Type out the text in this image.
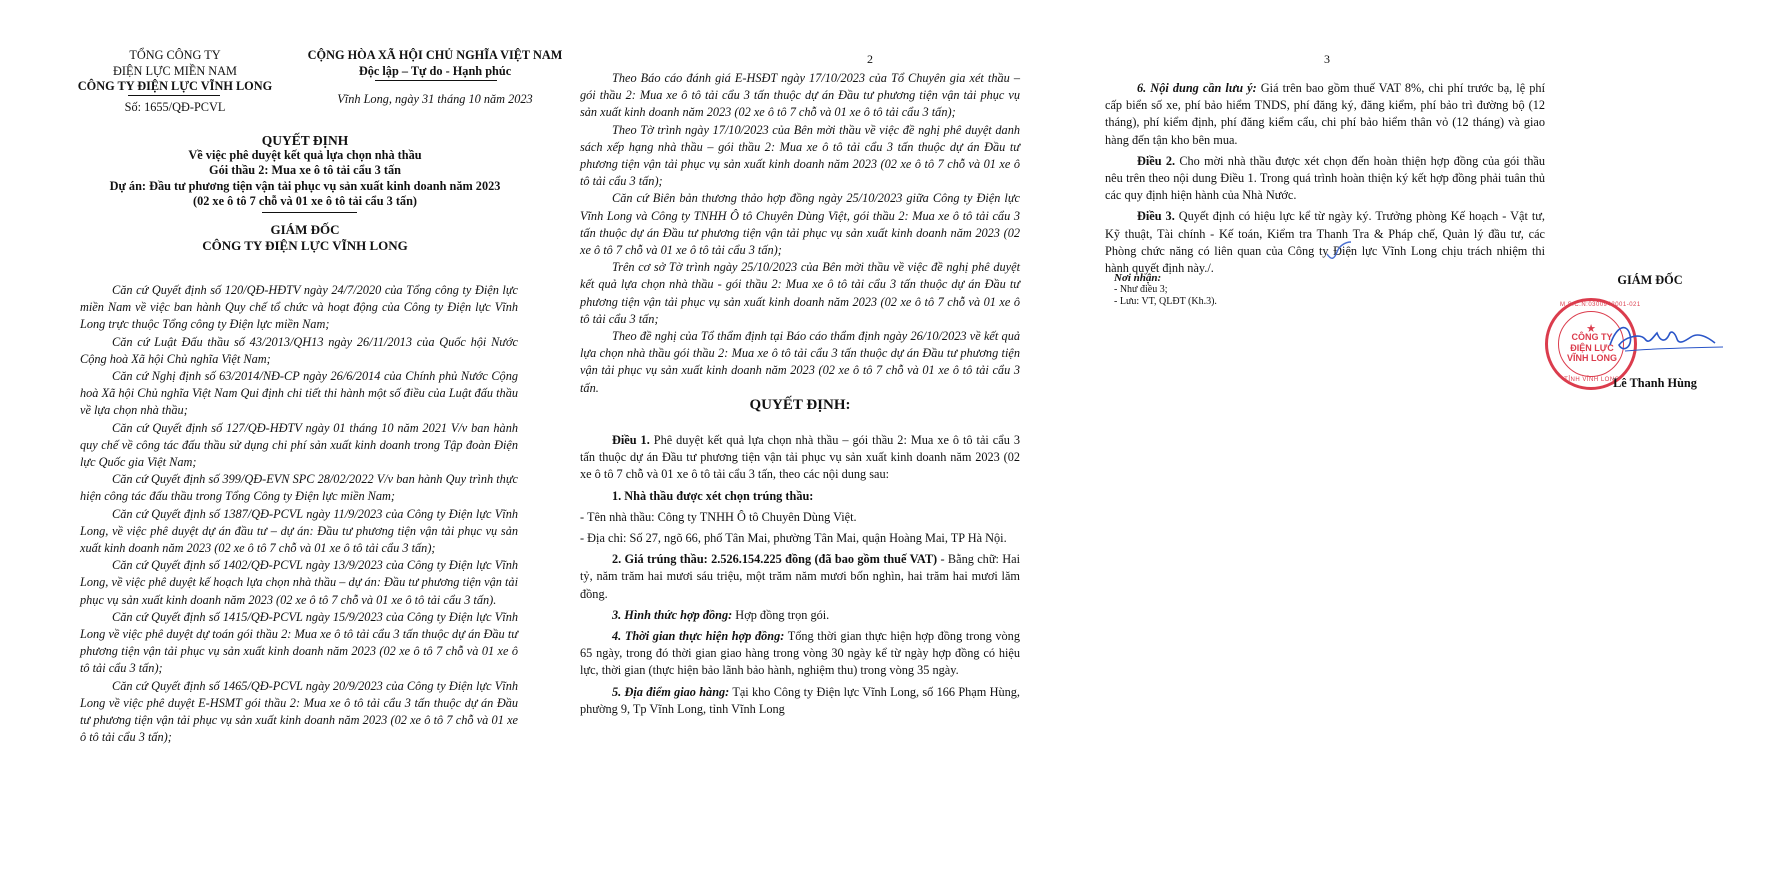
TỔNG CÔNG TY
ĐIỆN LỰC MIỀN NAM
CÔNG TY ĐIỆN LỰC VĨNH LONG
Số: 1655/QĐ-PCVL
CỘNG HÒA XÃ HỘI CHỦ NGHĨA VIỆT NAM
Độc lập – Tự do - Hạnh phúc
Vĩnh Long, ngày 31 tháng 10 năm 2023
QUYẾT ĐỊNH
Về việc phê duyệt kết quả lựa chọn nhà thầu
Gói thầu 2: Mua xe ô tô tải cẩu 3 tấn
Dự án: Đầu tư phương tiện vận tải phục vụ sản xuất kinh doanh năm 2023
(02 xe ô tô 7 chỗ và 01 xe ô tô tải cẩu 3 tấn)
GIÁM ĐỐC
CÔNG TY ĐIỆN LỰC VĨNH LONG

Căn cứ Quyết định số 120/QĐ-HĐTV ngày 24/7/2020 của Tổng công ty Điện lực miền Nam về việc ban hành Quy chế tổ chức và hoạt động của Công ty Điện lực Vĩnh Long trực thuộc Tổng công ty Điện lực miền Nam;

Căn cứ Luật Đấu thầu số 43/2013/QH13 ngày 26/11/2013 của Quốc hội Nước Cộng hoà Xã hội Chủ nghĩa Việt Nam;

Căn cứ Nghị định số 63/2014/NĐ-CP ngày 26/6/2014 của Chính phủ Nước Cộng hoà Xã hội Chủ nghĩa Việt Nam Qui định chi tiết thi hành một số điều của Luật đấu thầu về lựa chọn nhà thầu;

Căn cứ Quyết định số 127/QĐ-HĐTV ngày 01 tháng 10 năm 2021 V/v ban hành quy chế về công tác đấu thầu sử dụng chi phí sản xuất kinh doanh trong Tập đoàn Điện lực Quốc gia Việt Nam;

Căn cứ Quyết định số 399/QĐ-EVN SPC 28/02/2022 V/v ban hành Quy trình thực hiện công tác đấu thầu trong Tổng Công ty Điện lực miền Nam;

Căn cứ Quyết định số 1387/QĐ-PCVL ngày 11/9/2023 của Công ty Điện lực Vĩnh Long, về việc phê duyệt dự án đầu tư – dự án: Đầu tư phương tiện vận tải phục vụ sản xuất kinh doanh năm 2023 (02 xe ô tô 7 chỗ và 01 xe ô tô tải cẩu 3 tấn);

Căn cứ Quyết định số 1402/QĐ-PCVL ngày 13/9/2023 của Công ty Điện lực Vĩnh Long, về việc phê duyệt kế hoạch lựa chọn nhà thầu – dự án: Đầu tư phương tiện vận tải phục vụ sản xuất kinh doanh năm 2023 (02 xe ô tô 7 chỗ và 01 xe ô tô tải cẩu 3 tấn).

Căn cứ Quyết định số 1415/QĐ-PCVL ngày 15/9/2023 của Công ty Điện lực Vĩnh Long về việc phê duyệt dự toán gói thầu 2: Mua xe ô tô tải cẩu 3 tấn thuộc dự án Đầu tư phương tiện vận tải phục vụ sản xuất kinh doanh năm 2023 (02 xe ô tô 7 chỗ và 01 xe ô tô tải cẩu 3 tấn);

Căn cứ Quyết định số 1465/QĐ-PCVL ngày 20/9/2023 của Công ty Điện lực Vĩnh Long về việc phê duyệt E-HSMT gói thầu 2: Mua xe ô tô tải cẩu 3 tấn thuộc dự án Đầu tư phương tiện vận tải phục vụ sản xuất kinh doanh năm 2023 (02 xe ô tô 7 chỗ và 01 xe ô tô tải cẩu 3 tấn);

2

Theo Báo cáo đánh giá E-HSĐT ngày 17/10/2023 của Tổ Chuyên gia xét thầu – gói thầu 2: Mua xe ô tô tải cẩu 3 tấn thuộc dự án Đầu tư phương tiện vận tải phục vụ sản xuất kinh doanh năm 2023 (02 xe ô tô 7 chỗ và 01 xe ô tô tải cẩu 3 tấn);

Theo Tờ trình ngày 17/10/2023 của Bên mời thầu về việc đề nghị phê duyệt danh sách xếp hạng nhà thầu – gói thầu 2: Mua xe ô tô tải cẩu 3 tấn thuộc dự án Đầu tư phương tiện vận tải phục vụ sản xuất kinh doanh năm 2023 (02 xe ô tô 7 chỗ và 01 xe ô tô tải cẩu 3 tấn);

Căn cứ Biên bản thương thảo hợp đồng ngày 25/10/2023 giữa Công ty Điện lực Vĩnh Long và Công ty TNHH Ô tô Chuyên Dùng Việt, gói thầu 2: Mua xe ô tô tải cẩu 3 tấn thuộc dự án Đầu tư phương tiện vận tải phục vụ sản xuất kinh doanh năm 2023 (02 xe ô tô 7 chỗ và 01 xe ô tô tải cẩu 3 tấn);

Trên cơ sở Tờ trình ngày 25/10/2023 của Bên mời thầu về việc đề nghị phê duyệt kết quả lựa chọn nhà thầu - gói thầu 2: Mua xe ô tô tải cẩu 3 tấn thuộc dự án Đầu tư phương tiện vận tải phục vụ sản xuất kinh doanh năm 2023 (02 xe ô tô 7 chỗ và 01 xe ô tô tải cẩu 3 tấn;

Theo đề nghị của Tổ thẩm định tại Báo cáo thẩm định ngày 26/10/2023 về kết quả lựa chọn nhà thầu gói thầu 2: Mua xe ô tô tải cẩu 3 tấn thuộc dự án Đầu tư phương tiện vận tải phục vụ sản xuất kinh doanh năm 2023 (02 xe ô tô 7 chỗ và 01 xe ô tô tải cẩu 3 tấn.

QUYẾT ĐỊNH:

Điều 1. Phê duyệt kết quả lựa chọn nhà thầu – gói thầu 2: Mua xe ô tô tải cẩu 3 tấn thuộc dự án Đầu tư phương tiện vận tải phục vụ sản xuất kinh doanh năm 2023 (02 xe ô tô 7 chỗ và 01 xe ô tô tải cẩu 3 tấn, theo các nội dung sau:

1. Nhà thầu được xét chọn trúng thầu:

- Tên nhà thầu: Công ty TNHH Ô tô Chuyên Dùng Việt.

- Địa chỉ: Số 27, ngõ 66, phố Tân Mai, phường Tân Mai, quận Hoàng Mai, TP Hà Nội.

2. Giá trúng thầu: 2.526.154.225 đồng (đã bao gồm thuế VAT) - Bằng chữ: Hai tỷ, năm trăm hai mươi sáu triệu, một trăm năm mươi bốn nghìn, hai trăm hai mươi lăm đồng.

3. Hình thức hợp đồng: Hợp đồng trọn gói.

4. Thời gian thực hiện hợp đồng: Tổng thời gian thực hiện hợp đồng trong vòng 65 ngày, trong đó thời gian giao hàng trong vòng 30 ngày kể từ ngày hợp đồng có hiệu lực, thời gian (thực hiện bảo lãnh bảo hành, nghiệm thu) trong vòng 35 ngày.

5. Địa điểm giao hàng: Tại kho Công ty Điện lực Vĩnh Long, số 166 Phạm Hùng, phường 9, Tp Vĩnh Long, tỉnh Vĩnh Long

3

6. Nội dung cần lưu ý: Giá trên bao gồm thuế VAT 8%, chi phí trước bạ, lệ phí cấp biển số xe, phí bảo hiểm TNDS, phí đăng ký, đăng kiểm, phí bảo trì đường bộ (12 tháng), phí kiểm định, phí đăng kiểm cẩu, chi phí bảo hiểm thân vỏ (12 tháng) và giao hàng đến tận kho bên mua.

Điều 2. Cho mời nhà thầu được xét chọn đến hoàn thiện hợp đồng của gói thầu nêu trên theo nội dung Điều 1. Trong quá trình hoàn thiện ký kết hợp đồng phải tuân thủ các quy định hiện hành của Nhà Nước.

Điều 3. Quyết định có hiệu lực kể từ ngày ký. Trưởng phòng Kế hoạch - Vật tư, Kỹ thuật, Tài chính - Kế toán, Kiểm tra Thanh Tra & Pháp chế, Quản lý đầu tư, các Phòng chức năng có liên quan của Công ty Điện lực Vĩnh Long chịu trách nhiệm thi hành quyết định này./.

Nơi nhận:
- Như điều 3;
- Lưu: VT, QLĐT (Kh.3).
GIÁM ĐỐC
★
CÔNG TY
ĐIỆN LỰC
VĨNH LONG
M.S.C.N:0300942001-021
TỈNH VĨNH LONG
Lê Thanh Hùng
